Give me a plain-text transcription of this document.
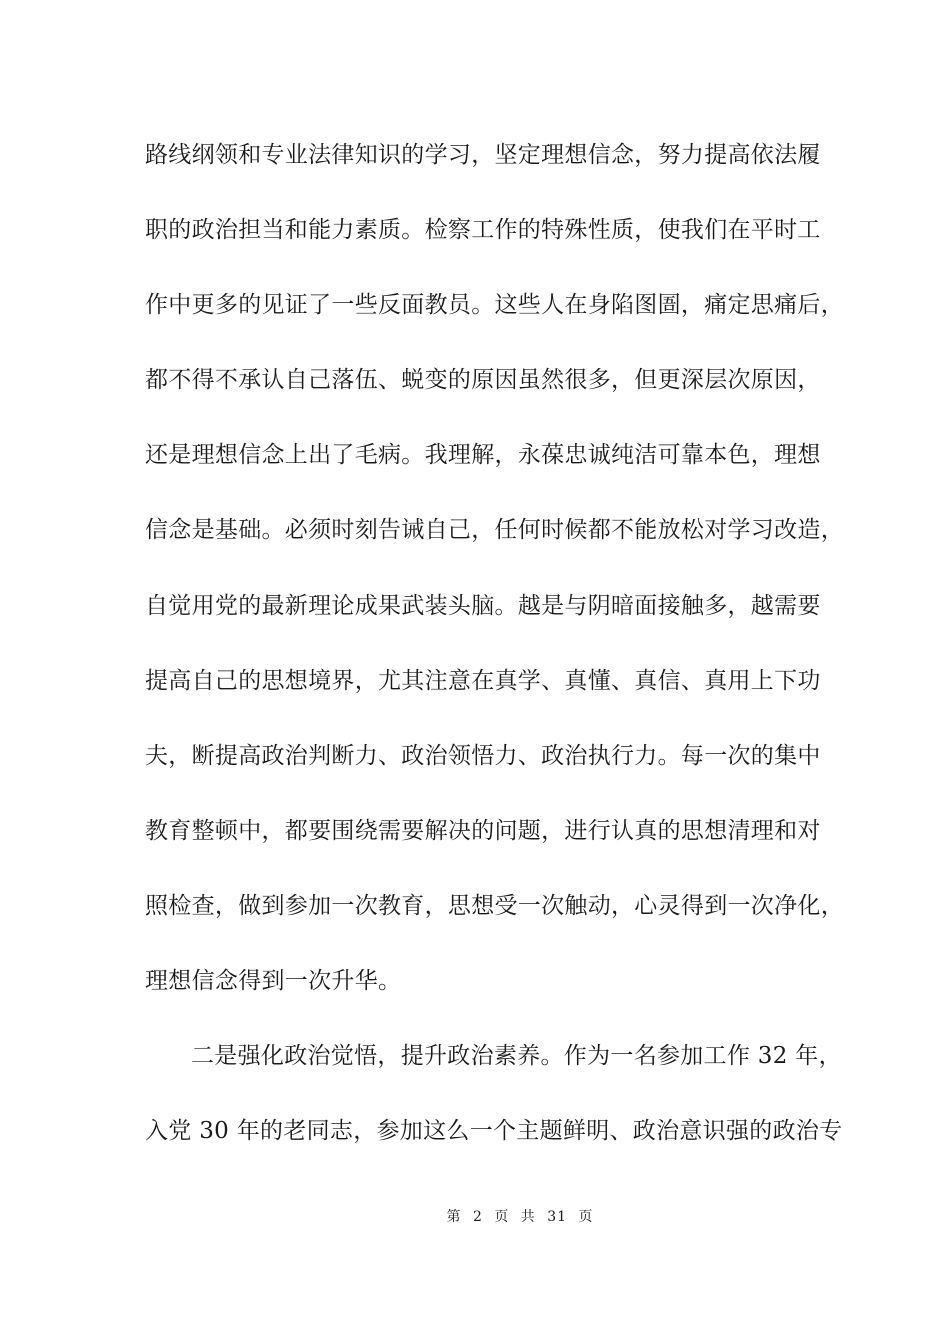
路线纲领和专业法律知识的学习，坚定理想信念，努力提高依法履
职的政治担当和能力素质。检察工作的特殊性质，使我们在平时工
作中更多的见证了一些反面教员。这些人在身陷图圄，痛定思痛后，
都不得不承认自己落伍、蜕变的原因虽然很多，但更深层次原因，
还是理想信念上出了毛病。我理解，永葆忠诚纯洁可靠本色，理想
信念是基础。必须时刻告诫自己，任何时候都不能放松对学习改造，
自觉用党的最新理论成果武装头脑。越是与阴暗面接触多，越需要
提高自己的思想境界，尤其注意在真学、真懂、真信、真用上下功
夫，断提高政治判断力、政治领悟力、政治执行力。每一次的集中
教育整顿中，都要围绕需要解决的问题，进行认真的思想清理和对
照检查，做到参加一次教育，思想受一次触动，心灵得到一次净化，
理想信念得到一次升华。
二是强化政治觉悟，提升政治素养。作为一名参加工作 32 年，
入党 30 年的老同志，参加这么一个主题鲜明、政治意识强的政治专
第 2 页 共 31 页
